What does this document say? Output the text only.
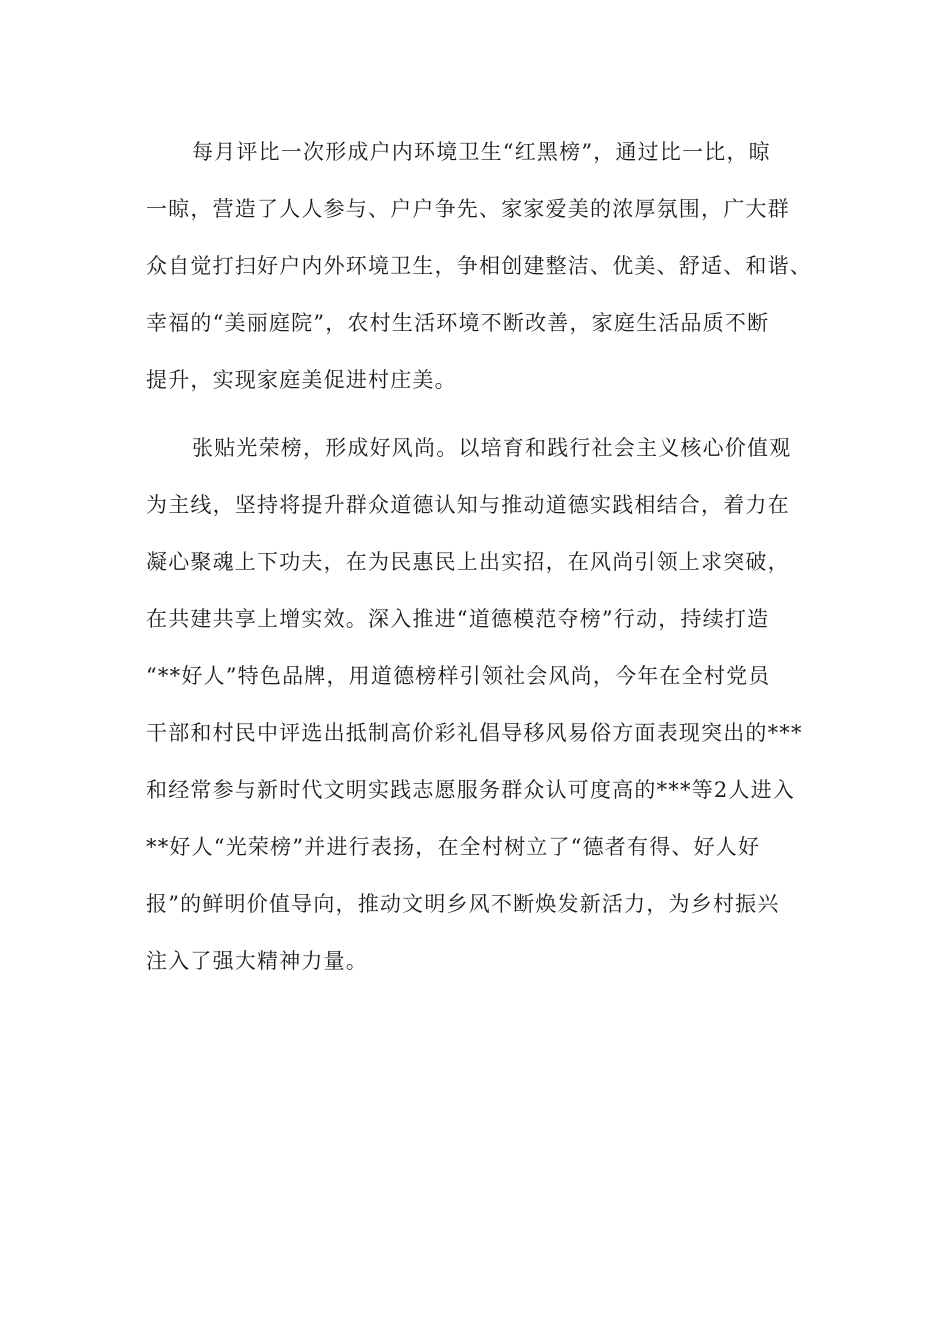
每月评比一次形成户内环境卫生“红黑榜”，通过比一比，晾
一晾，营造了人人参与、户户争先、家家爱美的浓厚氛围，广大群
众自觉打扫好户内外环境卫生，争相创建整洁、优美、舒适、和谐、
幸福的“美丽庭院”，农村生活环境不断改善，家庭生活品质不断
提升，实现家庭美促进村庄美。
张贴光荣榜，形成好风尚。以培育和践行社会主义核心价值观
为主线，坚持将提升群众道德认知与推动道德实践相结合，着力在
凝心聚魂上下功夫，在为民惠民上出实招，在风尚引领上求突破，
在共建共享上增实效。深入推进“道德模范夺榜”行动，持续打造
“**好人”特色品牌，用道德榜样引领社会风尚，今年在全村党员
干部和村民中评选出抵制高价彩礼倡导移风易俗方面表现突出的***
和经常参与新时代文明实践志愿服务群众认可度高的***等2人进入
**好人“光荣榜”并进行表扬，在全村树立了“德者有得、好人好
报”的鲜明价值导向，推动文明乡风不断焕发新活力，为乡村振兴
注入了强大精神力量。
